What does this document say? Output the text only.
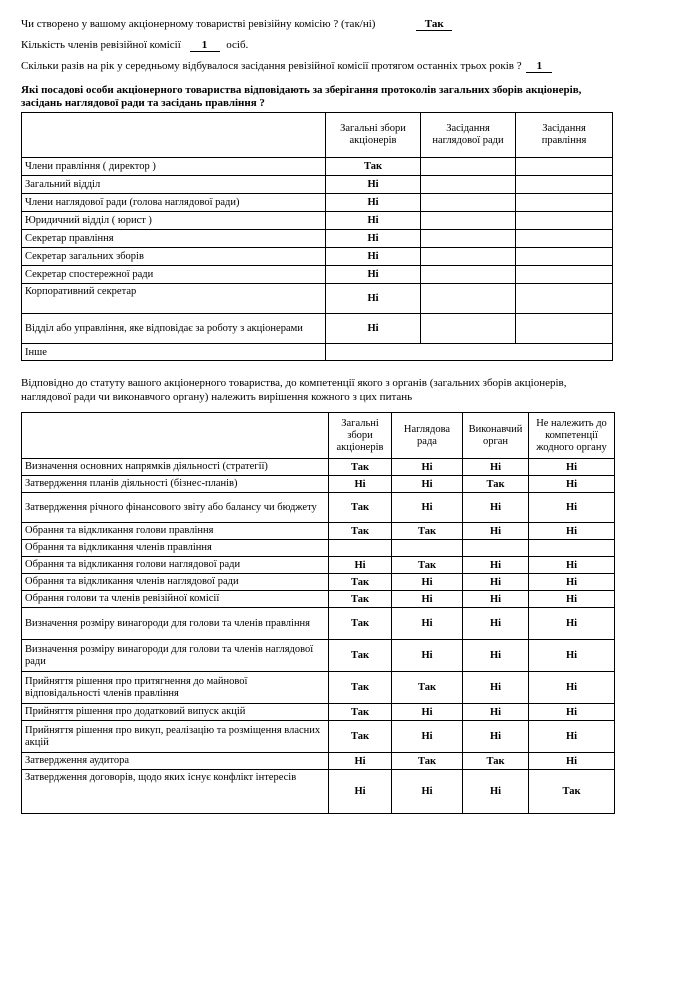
Чи створено у вашому акціонерному товаристві ревізійну комісію ? (так/ні)	Так
Кількість членів ревізійної комісії 1 осіб.
Скільки разів на рік у середньому відбувалося засідання ревізійної комісії протягом останніх трьох років ? 1
Які посадові особи акціонерного товариства відповідають за зберігання протоколів загальних зборів акціонерів,
засідань наглядової ради та засідань правління ?
	Загальні збори акціонерів	Засідання наглядової ради	Засідання правління
Члени правління ( директор )	Так		
Загальний відділ	Ні		
Члени наглядової ради (голова наглядової ради)	Ні		
Юридичний відділ ( юрист )	Ні		
Секретар правління	Ні		
Секретар загальних зборів	Ні		
Секретар спостережної ради	Ні		
Корпоративний секретар	Ні		
Відділ або управління, яке відповідає за роботу з акціонерами	Ні		
Інше			
Відповідно до статуту вашого акціонерного товариства, до компетенції якого з органів (загальних зборів акціонерів,
наглядової ради чи виконавчого органу) належить вирішення кожного з цих питань
	Загальні збори акціонерів	Наглядова рада	Виконавчий орган	Не належить до компетенції жодного органу
Визначення основних напрямків діяльності (стратегії)	Так	Ні	Ні	Ні
Затвердження планів діяльності (бізнес-планів)	Ні	Ні	Так	Ні
Затвердження річного фінансового звіту або балансу чи бюджету	Так	Ні	Ні	Ні
Обрання та відкликання голови правління	Так	Так	Ні	Ні
Обрання та відкликання членів правління				
Обрання та відкликання голови наглядової ради	Ні	Так	Ні	Ні
Обрання та відкликання членів наглядової ради	Так	Ні	Ні	Ні
Обрання голови та членів ревізійної комісії	Так	Ні	Ні	Ні
Визначення розміру винагороди для голови та членів правління	Так	Ні	Ні	Ні
Визначення розміру винагороди для голови та членів наглядової ради	Так	Ні	Ні	Ні
Прийняття рішення про притягнення до майнової відповідальності членів правління	Так	Так	Ні	Ні
Прийняття рішення про додатковий випуск акцій	Так	Ні	Ні	Ні
Прийняття рішення про викуп, реалізацію та розміщення власних акцій	Так	Ні	Ні	Ні
Затвердження аудитора	Ні	Так	Так	Ні
Затвердження договорів, щодо яких існує конфлікт інтересів	Ні	Ні	Ні	Так
